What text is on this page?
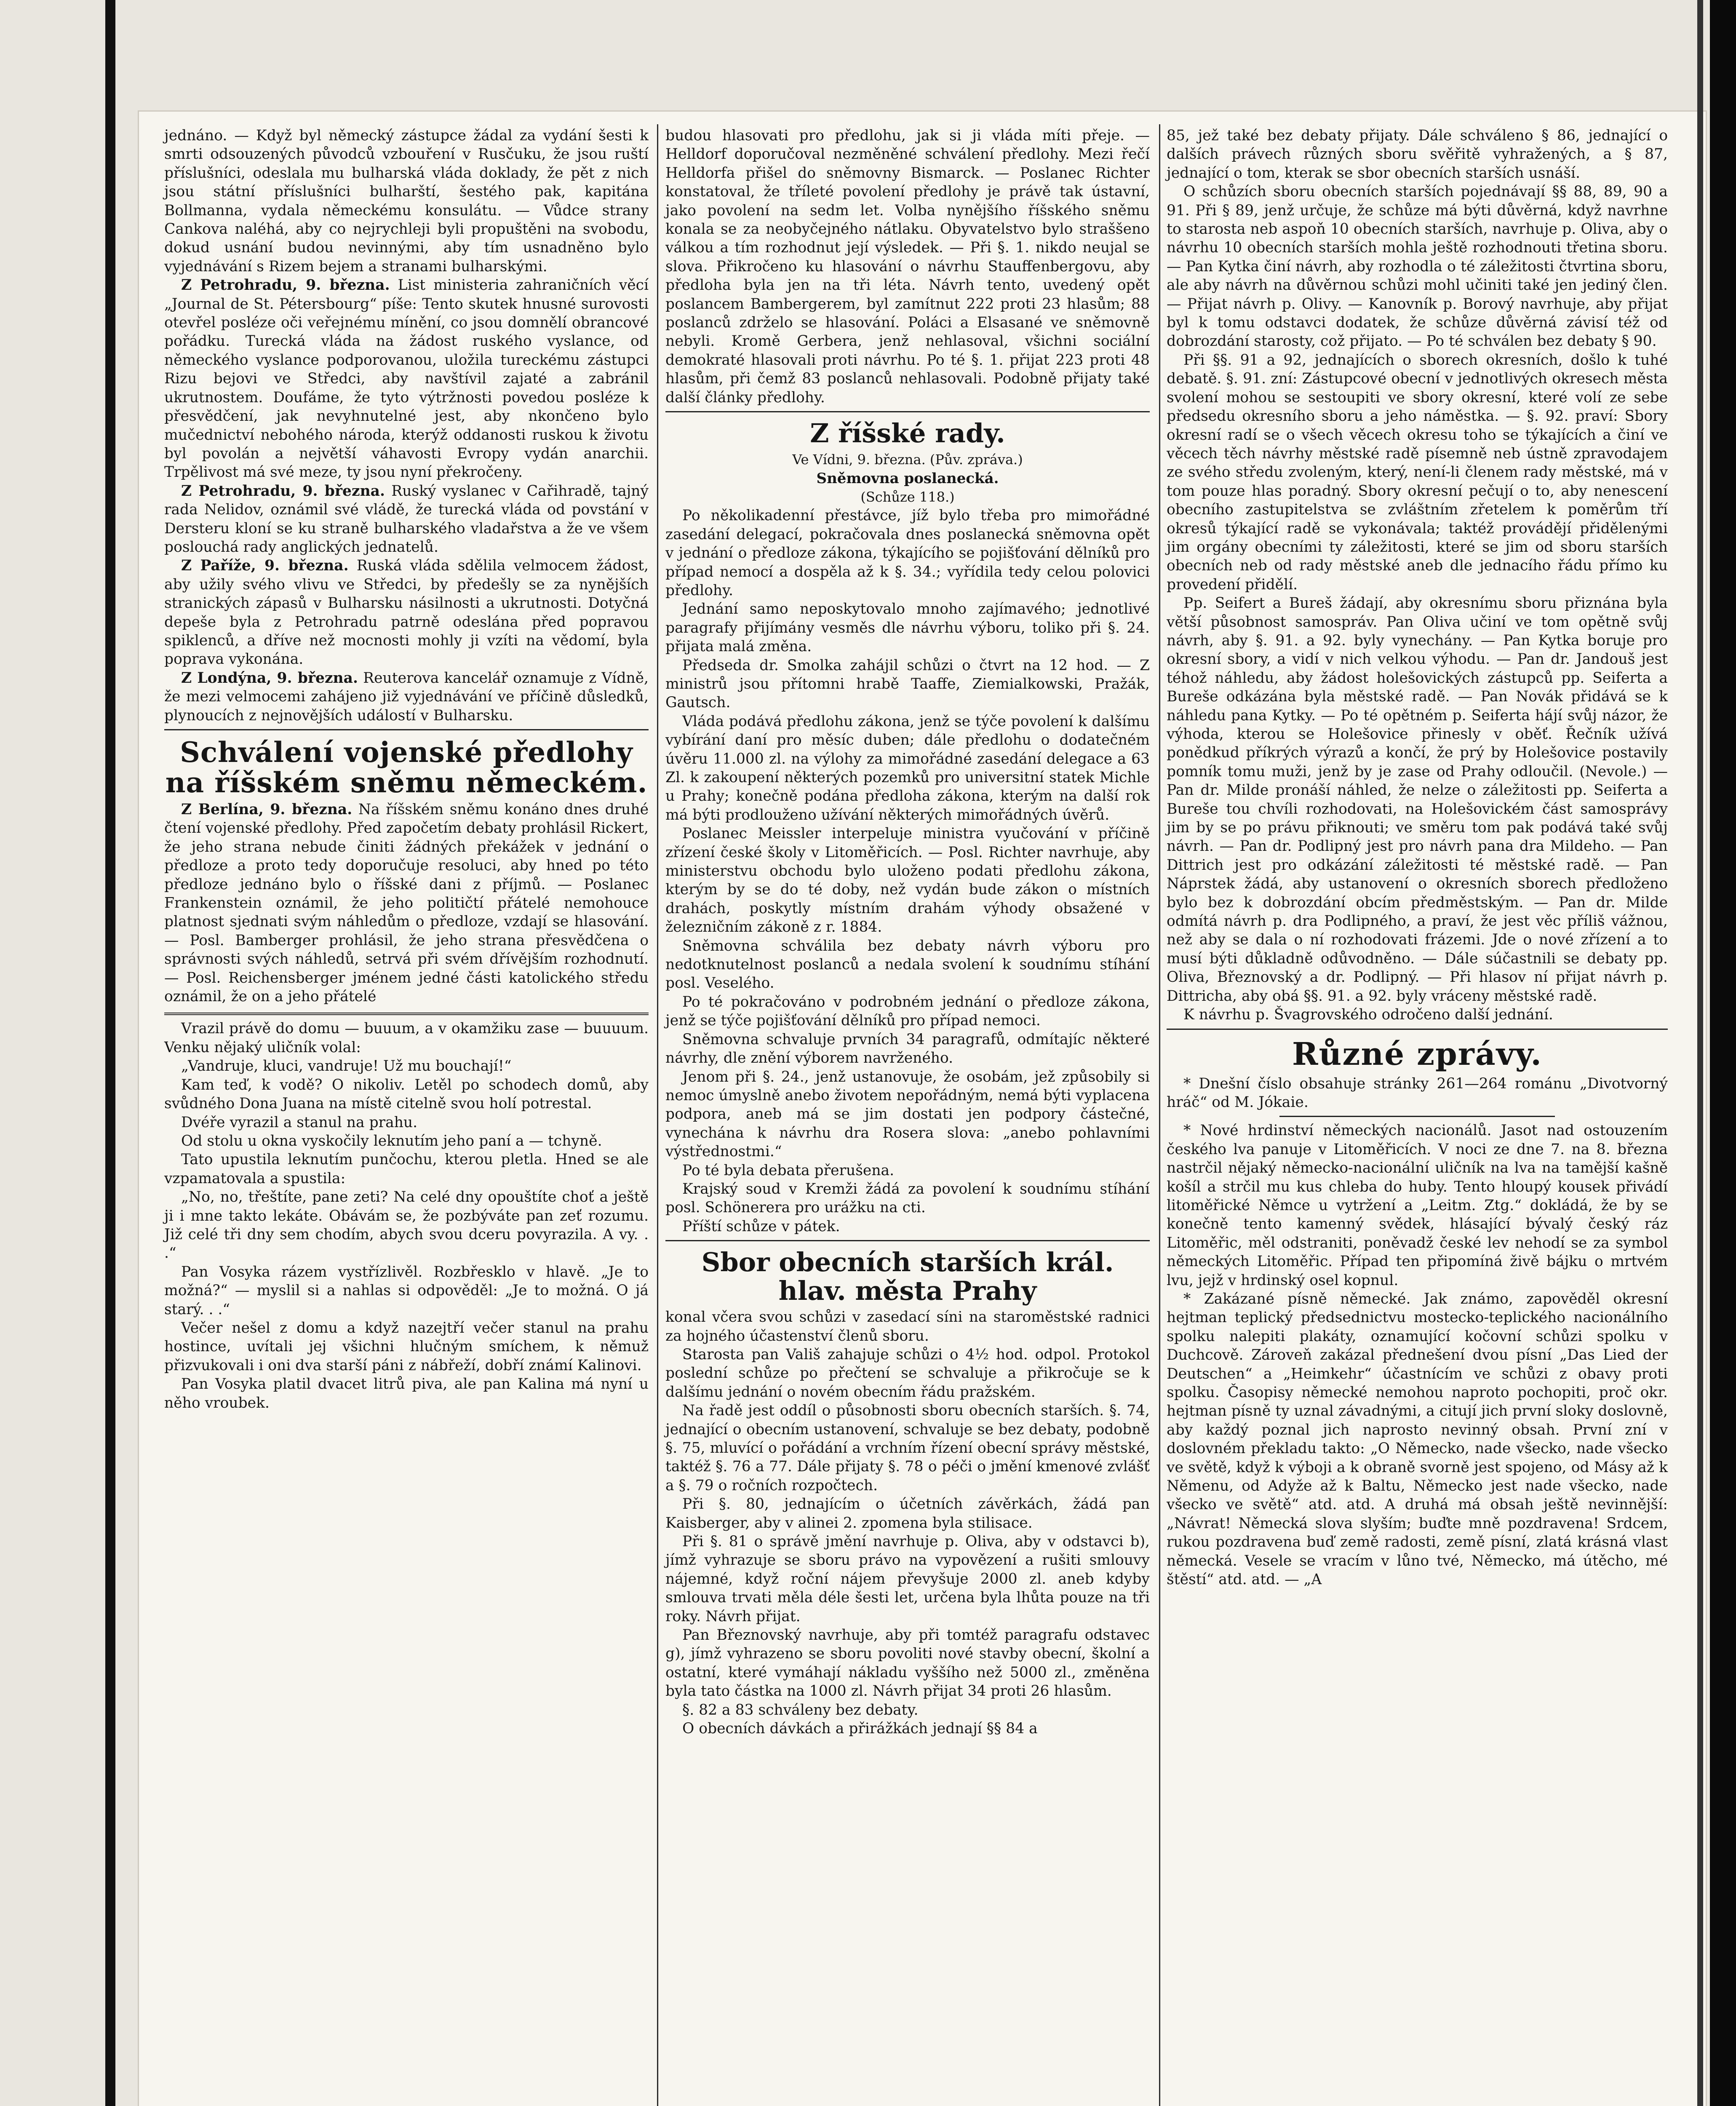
jednáno. — Když byl německý zástupce žádal za vydání šesti k smrti odsouzených původců vzbouření v Rusčuku, že jsou ruští příslušníci, odeslala mu bulharská vláda doklady, že pět z nich jsou státní příslušníci bulharští, šestého pak, kapitána Bollmanna, vydala německému konsulátu. — Vůdce strany Cankova naléhá, aby co nejrychleji byli propuštěni na svobodu, dokud usnání budou nevinnými, aby tím usnadněno bylo vyjednávání s Rizem bejem a stranami bulharskými.

Z Petrohradu, 9. března. List ministeria zahraničních věcí „Journal de St. Pétersbourg“ píše: Tento skutek hnusné surovosti otevřel posléze oči veřejnému mínění, co jsou domnělí obrancové pořádku. Turecká vláda na žádost ruského vyslance, od německého vyslance podporovanou, uložila tureckému zástupci Rizu bejovi ve Středci, aby navštívil zajaté a zabránil ukrutnostem. Doufáme, že tyto výtržnosti povedou posléze k přesvědčení, jak nevyhnutelné jest, aby nkončeno bylo mučednictví nebohého národa, kterýž oddanosti ruskou k životu byl povolán a největší váhavosti Evropy vydán anarchii. Trpělivost má své meze, ty jsou nyní překročeny.

Z Petrohradu, 9. března. Ruský vyslanec v Cařihradě, tajný rada Nelidov, oznámil své vládě, že turecká vláda od povstání v Dersteru kloní se ku straně bulharského vladařstva a že ve všem poslouchá rady anglických jednatelů.

Z Paříže, 9. března. Ruská vláda sdělila velmocem žádost, aby užily svého vlivu ve Středci, by předešly se za nynějších stranických zápasů v Bulharsku násilnosti a ukrutnosti. Dotyčná depeše byla z Petrohradu patrně odeslána před popravou spiklenců, a dříve než mocnosti mohly ji vzíti na vědomí, byla poprava vykonána.

Z Londýna, 9. března. Reuterova kancelář oznamuje z Vídně, že mezi velmocemi zahájeno již vyjednávání ve příčině důsledků, plynoucích z nejnovějších událostí v Bulharsku.

Schválení vojenské předlohy na říšském sněmu německém.

Z Berlína, 9. března. Na říšském sněmu konáno dnes druhé čtení vojenské předlohy. Před započetím debaty prohlásil Rickert, že jeho strana nebude činiti žádných překážek v jednání o předloze a proto tedy doporučuje resoluci, aby hned po této předloze jednáno bylo o říšské dani z příjmů. — Poslanec Frankenstein oznámil, že jeho političtí přátelé nemohouce platnost sjednati svým náhledům o předloze, vzdají se hlasování. — Posl. Bamberger prohlásil, že jeho strana přesvědčena o správnosti svých náhledů, setrvá při svém dřívějším rozhodnutí. — Posl. Reichensberger jménem jedné části katolického středu oznámil, že on a jeho přátelé

Vrazil právě do domu — buuum, a v okamžiku zase — buuuum. Venku nějaký uličník volal:

„Vandruje, kluci, vandruje! Už mu bouchají!“

Kam teď, k vodě? O nikoliv. Letěl po schodech domů, aby svůdného Dona Juana na místě citelně svou holí potrestal.

Dvéře vyrazil a stanul na prahu.

Od stolu u okna vyskočily leknutím jeho paní a — tchyně.

Tato upustila leknutím punčochu, kterou pletla. Hned se ale vzpamatovala a spustila:

„No, no, třeštíte, pane zeti? Na celé dny opouštíte choť a ještě ji i mne takto lekáte. Obávám se, že pozbýváte pan zeť rozumu. Již celé tři dny sem chodím, abych svou dceru povyrazila. A vy. . .“

Pan Vosyka rázem vystřízlivěl. Rozbřesklo v hlavě. „Je to možná?“ — myslil si a nahlas si odpověděl: „Je to možná. O já starý. . .“

Večer nešel z domu a když nazejtří večer stanul na prahu hostince, uvítali jej všichni hlučným smíchem, k němuž přizvukovali i oni dva starší páni z nábřeží, dobří známí Kalinovi.

Pan Vosyka platil dvacet litrů piva, ale pan Kalina má nyní u něho vroubek.

budou hlasovati pro předlohu, jak si ji vláda míti přeje. — Helldorf doporučoval nezměněné schválení předlohy. Mezi řečí Helldorfa přišel do sněmovny Bismarck. — Poslanec Richter konstatoval, že tříleté povolení předlohy je právě tak ústavní, jako povolení na sedm let. Volba nynějšího říšského sněmu konala se za neobyčejného nátlaku. Obyvatelstvo bylo straššeno válkou a tím rozhodnut její výsledek. — Při §. 1. nikdo neujal se slova. Přikročeno ku hlasování o návrhu Stauffenbergovu, aby předloha byla jen na tři léta. Návrh tento, uvedený opět poslancem Bambergerem, byl zamítnut 222 proti 23 hlasům; 88 poslanců zdrželo se hlasování. Poláci a Elsasané ve sněmovně nebyli. Kromě Gerbera, jenž nehlasoval, všichni sociální demokraté hlasovali proti návrhu. Po té §. 1. přijat 223 proti 48 hlasům, při čemž 83 poslanců nehlasovali. Podobně přijaty také další články předlohy.

Z říšské rady.

Ve Vídni, 9. března. (Pův. zpráva.)

Sněmovna poslanecká.

(Schůze 118.)

Po několikadenní přestávce, jíž bylo třeba pro mimořádné zasedání delegací, pokračovala dnes poslanecká sněmovna opět v jednání o předloze zákona, týkajícího se pojišťování dělníků pro případ nemocí a dospěla až k §. 34.; vyřídila tedy celou polovici předlohy.

Jednání samo neposkytovalo mnoho zajímavého; jednotlivé paragrafy přijímány vesměs dle návrhu výboru, toliko při §. 24. přijata malá změna.

Předseda dr. Smolka zahájil schůzi o čtvrt na 12 hod. — Z ministrů jsou přítomni hrabě Taaffe, Ziemialkowski, Pražák, Gautsch.

Vláda podává předlohu zákona, jenž se týče povolení k dalšímu vybírání daní pro měsíc duben; dále předlohu o dodatečném úvěru 11.000 zl. na výlohy za mimořádné zasedání delegace a 63 Zl. k zakoupení některých pozemků pro universitní statek Michle u Prahy; konečně podána předloha zákona, kterým na další rok má býti prodlouženo užívání některých mimořádných úvěrů.

Poslanec Meissler interpeluje ministra vyučování v příčině zřízení české školy v Litoměřicích. — Posl. Richter navrhuje, aby ministerstvu obchodu bylo uloženo podati předlohu zákona, kterým by se do té doby, než vydán bude zákon o místních drahách, poskytly místním drahám výhody obsažené v železničním zákoně z r. 1884.

Sněmovna schválila bez debaty návrh výboru pro nedotknutelnost poslanců a nedala svolení k soudnímu stíhání posl. Veselého.

Po té pokračováno v podrobném jednání o předloze zákona, jenž se týče pojišťování dělníků pro případ nemoci.

Sněmovna schvaluje prvních 34 paragrafů, odmítajíc některé návrhy, dle znění výborem navrženého.

Jenom při §. 24., jenž ustanovuje, že osobám, jež způsobily si nemoc úmyslně anebo životem nepořádným, nemá býti vyplacena podpora, aneb má se jim dostati jen podpory částečné, vynechána k návrhu dra Rosera slova: „anebo pohlavními výstřednostmi.“

Po té byla debata přerušena.

Krajský soud v Kremži žádá za povolení k soudnímu stíhání posl. Schönerera pro urážku na cti.

Příští schůze v pátek.

Sbor obecních starších král. hlav. města Prahy

konal včera svou schůzi v zasedací síni na staroměstské radnici za hojného účastenství členů sboru.

Starosta pan Vališ zahajuje schůzi o 4½ hod. odpol. Protokol poslední schůze po přečtení se schvaluje a přikročuje se k dalšímu jednání o novém obecním řádu pražském.

Na řadě jest oddíl o působnosti sboru obecních starších. §. 74, jednající o obecním ustanovení, schvaluje se bez debaty, podobně §. 75, mluvící o pořádání a vrchním řízení obecní správy městské, taktéž §. 76 a 77. Dále přijaty §. 78 o péči o jmění kmenové zvlášť a §. 79 o ročních rozpočtech.

Při §. 80, jednajícím o účetních závěrkách, žádá pan Kaisberger, aby v alinei 2. zpomena byla stilisace.

Při §. 81 o správě jmění navrhuje p. Oliva, aby v odstavci b), jímž vyhrazuje se sboru právo na vypovězení a rušiti smlouvy nájemné, když roční nájem převyšuje 2000 zl. aneb kdyby smlouva trvati měla déle šesti let, určena byla lhůta pouze na tři roky. Návrh přijat.

Pan Březnovský navrhuje, aby při tomtéž paragrafu odstavec g), jímž vyhrazeno se sboru povoliti nové stavby obecní, školní a ostatní, které vymáhají nákladu vyššího než 5000 zl., změněna byla tato částka na 1000 zl. Návrh přijat 34 proti 26 hlasům.

§. 82 a 83 schváleny bez debaty.

O obecních dávkách a přirážkách jednají §§ 84 a

85, jež také bez debaty přijaty. Dále schváleno § 86, jednající o dalších právech různých sboru svěřitě vyhražených, a § 87, jednající o tom, kterak se sbor obecních starších usnáší.

O schůzích sboru obecních starších pojednávají §§ 88, 89, 90 a 91. Při § 89, jenž určuje, že schůze má býti důvěrná, když navrhne to starosta neb aspoň 10 obecních starších, navrhuje p. Oliva, aby o návrhu 10 obecních starších mohla ještě rozhodnouti třetina sboru. — Pan Kytka činí návrh, aby rozhodla o té záležitosti čtvrtina sboru, ale aby návrh na důvěrnou schůzi mohl učiniti také jen jediný člen. — Přijat návrh p. Olivy. — Kanovník p. Borový navrhuje, aby přijat byl k tomu odstavci dodatek, že schůze důvěrná závisí též od dobrozdání starosty, což přijato. — Po té schválen bez debaty § 90.

Při §§. 91 a 92, jednajících o sborech okresních, došlo k tuhé debatě. §. 91. zní: Zástupcové obecní v jednotlivých okresech města svolení mohou se sestoupiti ve sbory okresní, které volí ze sebe předsedu okresního sboru a jeho náměstka. — §. 92. praví: Sbory okresní radí se o všech věcech okresu toho se týkajících a činí ve věcech těch návrhy městské radě písemně neb ústně zpravodajem ze svého středu zvoleným, který, není-li členem rady městské, má v tom pouze hlas poradný. Sbory okresní pečují o to, aby nenescení obecního zastupitelstva se zvláštním zřetelem k poměrům tří okresů týkající radě se vykonávala; taktéž provádějí přidělenými jim orgány obecními ty záležitosti, které se jim od sboru starších obecních neb od rady městské aneb dle jednacího řádu přímo ku provedení přidělí.

Pp. Seifert a Bureš žádají, aby okresnímu sboru přiznána byla větší působnost samospráv. Pan Oliva učiní ve tom opětně svůj návrh, aby §. 91. a 92. byly vynechány. — Pan Kytka boruje pro okresní sbory, a vidí v nich velkou výhodu. — Pan dr. Jandouš jest téhož náhledu, aby žádost holešovických zástupců pp. Seiferta a Bureše odkázána byla městské radě. — Pan Novák přidává se k náhledu pana Kytky. — Po té opětném p. Seiferta hájí svůj názor, že výhoda, kterou se Holešovice přinesly v oběť. Řečník užívá ponědkud příkrých výrazů a končí, že prý by Holešovice postavily pomník tomu muži, jenž by je zase od Prahy odloučil. (Nevole.) — Pan dr. Milde pronáší náhled, že nelze o záležitosti pp. Seiferta a Bureše tou chvíli rozhodovati, na Holešovickém část samosprávy jim by se po právu přiknouti; ve směru tom pak podává také svůj návrh. — Pan dr. Podlipný jest pro návrh pana dra Mildeho. — Pan Dittrich jest pro odkázání záležitosti té městské radě. — Pan Náprstek žádá, aby ustanovení o okresních sborech předloženo bylo bez k dobrozdání obcím předměstským. — Pan dr. Milde odmítá návrh p. dra Podlipného, a praví, že jest věc příliš vážnou, než aby se dala o ní rozhodovati frázemi. Jde o nové zřízení a to musí býti důkladně odůvodněno. — Dále súčastnili se debaty pp. Oliva, Březnovský a dr. Podlipný. — Při hlasov ní přijat návrh p. Dittricha, aby obá §§. 91. a 92. byly vráceny městské radě.

K návrhu p. Švagrovského odročeno další jednání.

Různé zprávy.

* Dnešní číslo obsahuje stránky 261—264 románu „Divotvorný hráč“ od M. Jókaie.

* Nové hrdinství německých nacionálů. Jasot nad ostouzením českého lva panuje v Litoměřicích. V noci ze dne 7. na 8. března nastrčil nějaký německo-nacionální uličník na lva na tamější kašně košíl a strčil mu kus chleba do huby. Tento hloupý kousek přivádí litoměřické Němce u vytržení a „Leitm. Ztg.“ dokládá, že by se konečně tento kamenný svědek, hlásající bývalý český ráz Litoměřic, měl odstraniti, poněvadž české lev nehodí se za symbol německých Litoměřic. Případ ten připomíná živě bájku o mrtvém lvu, jejž v hrdinský osel kopnul.

* Zakázané písně německé. Jak známo, zapověděl okresní hejtman teplický předsednictvu mostecko-teplického nacionálního spolku nalepiti plakáty, oznamující kočovní schůzi spolku v Duchcově. Zároveň zakázal přednešení dvou písní „Das Lied der Deutschen“ a „Heimkehr“ účastnícím ve schůzi z obavy proti spolku. Časopisy německé nemohou naproto pochopiti, proč okr. hejtman písně ty uznal závadnými, a citují jich první sloky doslovně, aby každý poznal jich naprosto nevinný obsah. První zní v doslovném překladu takto: „O Německo, nade všecko, nade všecko ve světě, když k výboji a k obraně svorně jest spojeno, od Másy až k Němenu, od Adyže až k Baltu, Německo jest nade všecko, nade všecko ve světě“ atd. atd. A druhá má obsah ještě nevinnější: „Návrat! Německá slova slyším; buďte mně pozdravena! Srdcem, rukou pozdravena buď země radosti, země písní, zlatá krásná vlast německá. Vesele se vracím v lůno tvé, Německo, má útěcho, mé štěstí“ atd. atd. — „A
